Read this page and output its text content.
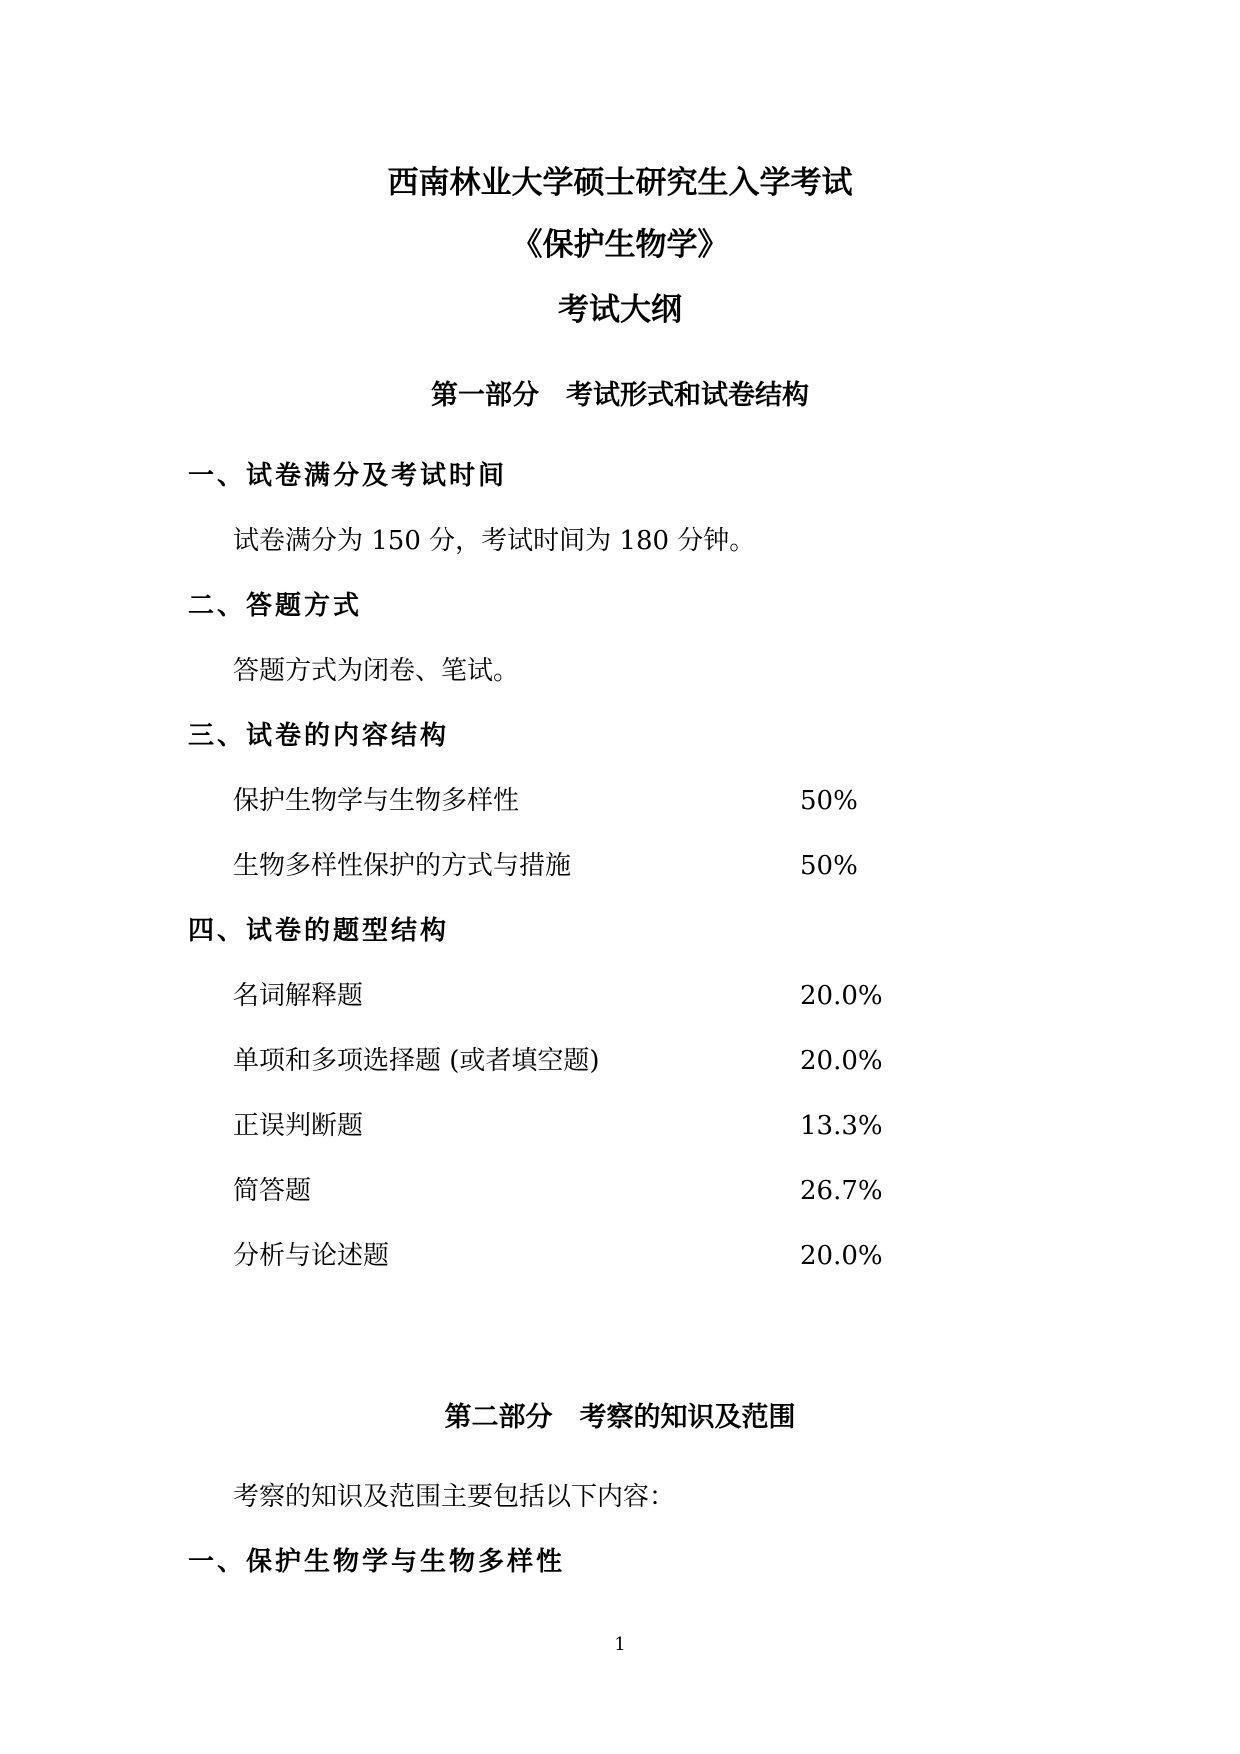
西南林业大学硕士研究生入学考试
《保护生物学》
考试大纲
第一部分　考试形式和试卷结构
一、试卷满分及考试时间
试卷满分为 150 分，考试时间为 180 分钟。
二、答题方式
答题方式为闭卷、笔试。
三、试卷的内容结构
保护生物学与生物多样性	50%
生物多样性保护的方式与措施	50%
四、试卷的题型结构
名词解释题	20.0%
单项和多项选择题 (或者填空题)	20.0%
正误判断题	13.3%
简答题	26.7%
分析与论述题	20.0%
第二部分　考察的知识及范围
考察的知识及范围主要包括以下内容：
一、保护生物学与生物多样性
1
